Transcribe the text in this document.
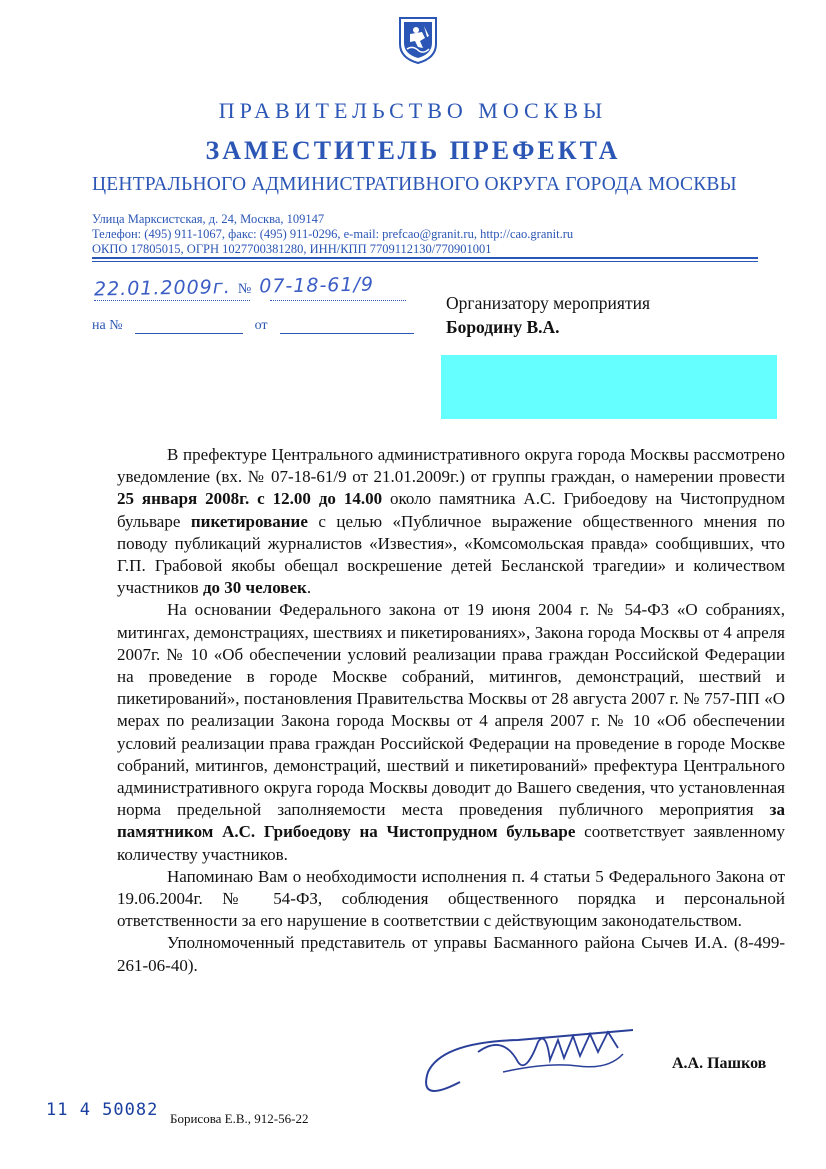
ПРАВИТЕЛЬСТВО МОСКВЫ
ЗАМЕСТИТЕЛЬ ПРЕФЕКТА
ЦЕНТРАЛЬНОГО АДМИНИСТРАТИВНОГО ОКРУГА ГОРОДА МОСКВЫ
Улица Марксистская, д. 24, Москва, 109147
Телефон: (495) 911-1067, факс: (495) 911-0296, e-mail: prefcao@granit.ru, http://cao.granit.ru
ОКПО 17805015, ОГРН 1027700381280, ИНН/КПП 7709112130/770901001
22.01.2009г. № 07-18-61/9
на №	от
Организатору мероприятия
Бородину В.А.

В префектуре Центрального административного округа города Москвы рассмотрено уведомление (вх. № 07-18-61/9 от 21.01.2009г.) от группы граждан, о намерении провести 25 января 2008г. с 12.00 до 14.00 около памятника А.С. Грибоедову на Чистопрудном бульваре пикетирование с целью «Публичное выражение общественного мнения по поводу публикаций журналистов «Известия», «Комсомольская правда» сообщивших, что Г.П. Грабовой якобы обещал воскрешение детей Бесланской трагедии» и количеством участников до 30 человек.

На основании Федерального закона от 19 июня 2004 г. № 54-ФЗ «О собраниях, митингах, демонстрациях, шествиях и пикетированиях», Закона города Москвы от 4 апреля 2007г. № 10 «Об обеспечении условий реализации права граждан Российской Федерации на проведение в городе Москве собраний, митингов, демонстраций, шествий и пикетирований», постановления Правительства Москвы от 28 августа 2007 г. № 757-ПП «О мерах по реализации Закона города Москвы от 4 апреля 2007 г. № 10 «Об обеспечении условий реализации права граждан Российской Федерации на проведение в городе Москве собраний, митингов, демонстраций, шествий и пикетирований» префектура Центрального административного округа города Москвы доводит до Вашего сведения, что установленная норма предельной заполняемости места проведения публичного мероприятия за памятником А.С. Грибоедову на Чистопрудном бульваре соответствует заявленному количеству участников.

Напоминаю Вам о необходимости исполнения п. 4 статьи 5 Федерального Закона от 19.06.2004г. № 54-ФЗ, соблюдения общественного порядка и персональной ответственности за его нарушение в соответствии с действующим законодательством.

Уполномоченный представитель от управы Басманного района Сычев И.А. (8-499-261-06-40).

А.А. Пашков
11 4 50082 Борисова Е.В., 912-56-22
